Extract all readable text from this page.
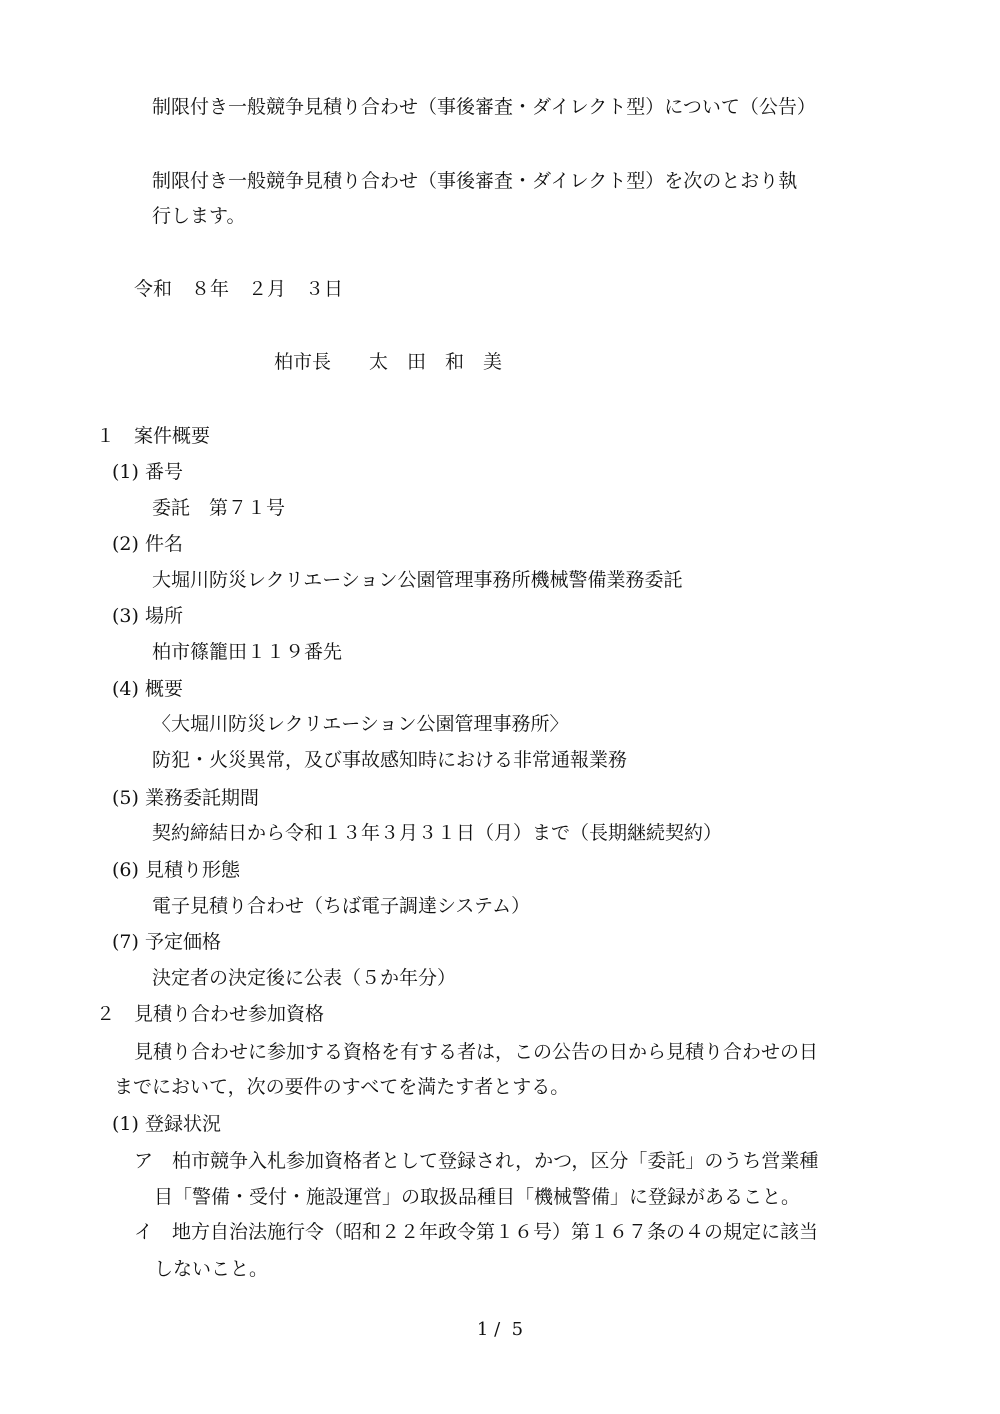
制限付き一般競争見積り合わせ（事後審査・ダイレクト型）について（公告）
制限付き一般競争見積り合わせ（事後審査・ダイレクト型）を次のとおり執
行します。
令和　８年　２月　３日
柏市長　　太　田　和　美
１　案件概要
(1) 番号
委託　第７１号
(2) 件名
大堀川防災レクリエーション公園管理事務所機械警備業務委託
(3) 場所
柏市篠籠田１１９番先
(4) 概要
〈大堀川防災レクリエーション公園管理事務所〉
防犯・火災異常，及び事故感知時における非常通報業務
(5) 業務委託期間
契約締結日から令和１３年３月３１日（月）まで（長期継続契約）
(6) 見積り形態
電子見積り合わせ（ちば電子調達システム）
(7) 予定価格
決定者の決定後に公表（５か年分）
２　見積り合わせ参加資格
見積り合わせに参加する資格を有する者は，この公告の日から見積り合わせの日
までにおいて，次の要件のすべてを満たす者とする。
(1) 登録状況
ア　柏市競争入札参加資格者として登録され，かつ，区分「委託」のうち営業種
目「警備・受付・施設運営」の取扱品種目「機械警備」に登録があること。
イ　地方自治法施行令（昭和２２年政令第１６号）第１６７条の４の規定に該当
しないこと。
1 /  5
